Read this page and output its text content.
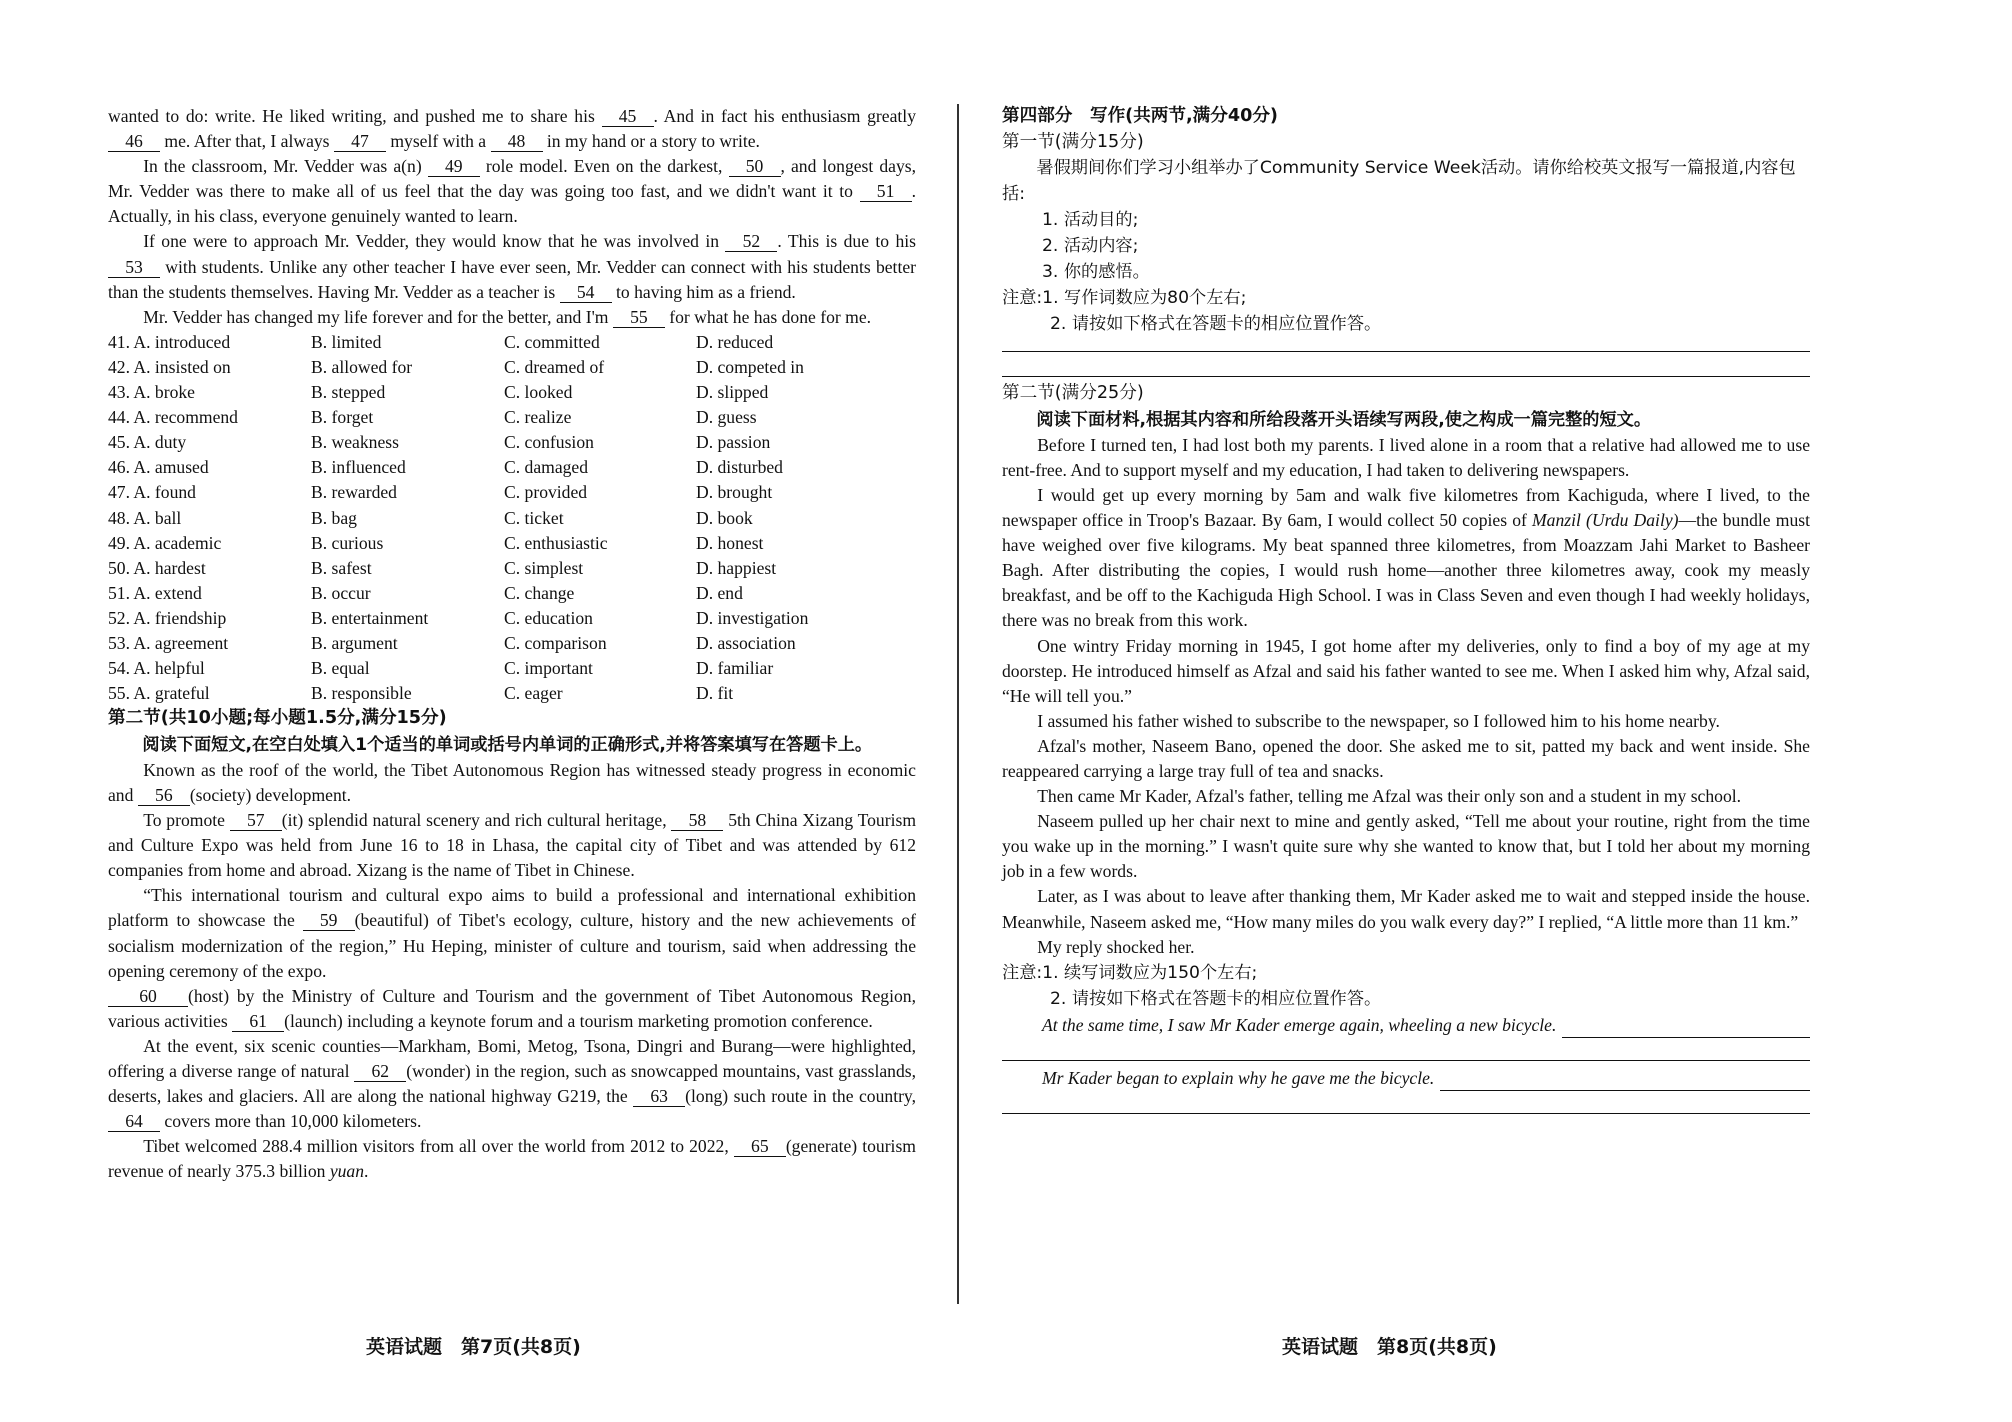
wanted to do: write. He liked writing, and pushed me to share his 45 . And in fact his enthusiasm greatly 46 me. After that, I always 47 myself with a 48 in my hand or a story to write.

In the classroom, Mr. Vedder was a(n) 49 role model. Even on the darkest, 50 , and longest days, Mr. Vedder was there to make all of us feel that the day was going too fast, and we didn't want it to 51 . Actually, in his class, everyone genuinely wanted to learn.

If one were to approach Mr. Vedder, they would know that he was involved in 52 . This is due to his 53 with students. Unlike any other teacher I have ever seen, Mr. Vedder can connect with his students better than the students themselves. Having Mr. Vedder as a teacher is 54 to having him as a friend.

Mr. Vedder has changed my life forever and for the better, and I'm 55 for what he has done for me.

41. A. introduced	B. limited	C. committed	D. reduced
42. A. insisted on	B. allowed for	C. dreamed of	D. competed in
43. A. broke	B. stepped	C. looked	D. slipped
44. A. recommend	B. forget	C. realize	D. guess
45. A. duty	B. weakness	C. confusion	D. passion
46. A. amused	B. influenced	C. damaged	D. disturbed
47. A. found	B. rewarded	C. provided	D. brought
48. A. ball	B. bag	C. ticket	D. book
49. A. academic	B. curious	C. enthusiastic	D. honest
50. A. hardest	B. safest	C. simplest	D. happiest
51. A. extend	B. occur	C. change	D. end
52. A. friendship	B. entertainment	C. education	D. investigation
53. A. agreement	B. argument	C. comparison	D. association
54. A. helpful	B. equal	C. important	D. familiar
55. A. grateful	B. responsible	C. eager	D. fit
第二节(共10小题;每小题1.5分,满分15分)
阅读下面短文,在空白处填入1个适当的单词或括号内单词的正确形式,并将答案填写在答题卡上。

Known as the roof of the world, the Tibet Autonomous Region has witnessed steady progress in economic and 56 (society) development.

To promote 57 (it) splendid natural scenery and rich cultural heritage, 58 5th China Xizang Tourism and Culture Expo was held from June 16 to 18 in Lhasa, the capital city of Tibet and was attended by 612 companies from home and abroad. Xizang is the name of Tibet in Chinese.

“This international tourism and cultural expo aims to build a professional and international exhibition platform to showcase the 59 (beautiful) of Tibet's ecology, culture, history and the new achievements of socialism modernization of the region,” Hu Heping, minister of culture and tourism, said when addressing the opening ceremony of the expo.

60 (host) by the Ministry of Culture and Tourism and the government of Tibet Autonomous Region, various activities 61 (launch) including a keynote forum and a tourism marketing promotion conference.

At the event, six scenic counties—Markham, Bomi, Metog, Tsona, Dingri and Burang—were highlighted, offering a diverse range of natural 62 (wonder) in the region, such as snowcapped mountains, vast grasslands, deserts, lakes and glaciers. All are along the national highway G219, the 63 (long) such route in the country, 64 covers more than 10,000 kilometers.

Tibet welcomed 288.4 million visitors from all over the world from 2012 to 2022, 65 (generate) tourism revenue of nearly 375.3 billion yuan.

第四部分　写作(共两节,满分40分)
第一节(满分15分)
暑假期间你们学习小组举办了Community Service Week活动。请你给校英文报写一篇报道,内容包括:
1. 活动目的;
2. 活动内容;
3. 你的感悟。
注意:1. 写作词数应为80个左右;
2. 请按如下格式在答题卡的相应位置作答。
第二节(满分25分)
阅读下面材料,根据其内容和所给段落开头语续写两段,使之构成一篇完整的短文。

Before I turned ten, I had lost both my parents. I lived alone in a room that a relative had allowed me to use rent-free. And to support myself and my education, I had taken to delivering newspapers.

I would get up every morning by 5am and walk five kilometres from Kachiguda, where I lived, to the newspaper office in Troop's Bazaar. By 6am, I would collect 50 copies of Manzil (Urdu Daily)—the bundle must have weighed over five kilograms. My beat spanned three kilometres, from Moazzam Jahi Market to Basheer Bagh. After distributing the copies, I would rush home—another three kilometres away, cook my measly breakfast, and be off to the Kachiguda High School. I was in Class Seven and even though I had weekly holidays, there was no break from this work.

One wintry Friday morning in 1945, I got home after my deliveries, only to find a boy of my age at my doorstep. He introduced himself as Afzal and said his father wanted to see me. When I asked him why, Afzal said, “He will tell you.”

I assumed his father wished to subscribe to the newspaper, so I followed him to his home nearby.

Afzal's mother, Naseem Bano, opened the door. She asked me to sit, patted my back and went inside. She reappeared carrying a large tray full of tea and snacks.

Then came Mr Kader, Afzal's father, telling me Afzal was their only son and a student in my school.

Naseem pulled up her chair next to mine and gently asked, “Tell me about your routine, right from the time you wake up in the morning.” I wasn't quite sure why she wanted to know that, but I told her about my morning job in a few words.

Later, as I was about to leave after thanking them, Mr Kader asked me to wait and stepped inside the house. Meanwhile, Naseem asked me, “How many miles do you walk every day?” I replied, “A little more than 11 km.”

My reply shocked her.

注意:1. 续写词数应为150个左右;
2. 请按如下格式在答题卡的相应位置作答。
At the same time, I saw Mr Kader emerge again, wheeling a new bicycle.
Mr Kader began to explain why he gave me the bicycle.
英语试题　第7页(共8页)	英语试题　第8页(共8页)
